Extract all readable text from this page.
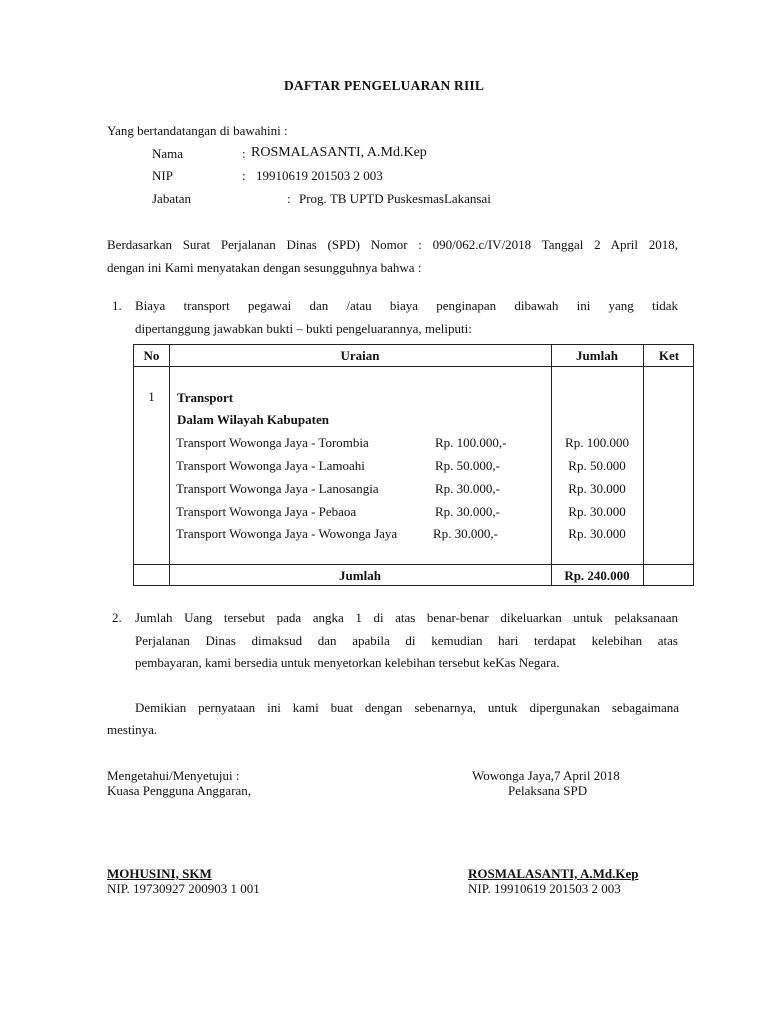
DAFTAR PENGELUARAN RIIL
Yang bertandatangan di bawahini :
Nama	: ROSMALASANTI, A.Md.Kep
NIP	: 19910619 201503 2 003
Jabatan	: Prog. TB UPTD PuskesmasLakansai
Berdasarkan Surat Perjalanan Dinas (SPD) Nomor : 090/062.c/IV/2018 Tanggal 2 April 2018,
dengan ini Kami menyatakan dengan sesungguhnya bahwa :
1. Biaya transport pegawai dan /atau biaya penginapan dibawah ini yang tidak
dipertanggung jawabkan bukti – bukti pengeluarannya, meliputi:
No	Uraian	Jumlah	Ket
1	Transport
Dalam Wilayah Kabupaten
Transport Wowonga Jaya - Torombia	Rp. 100.000,-	Rp. 100.000
Transport Wowonga Jaya - Lamoahi	Rp. 50.000,-	Rp. 50.000
Transport Wowonga Jaya - Lanosangia	Rp. 30.000,-	Rp. 30.000
Transport Wowonga Jaya - Pebaoa	Rp. 30.000,-	Rp. 30.000
Transport Wowonga Jaya - Wowonga Jaya	Rp. 30.000,-	Rp. 30.000
Jumlah	Rp. 240.000
2. Jumlah Uang tersebut pada angka 1 di atas benar-benar dikeluarkan untuk pelaksanaan
Perjalanan Dinas dimaksud dan apabila di kemudian hari terdapat kelebihan atas
pembayaran, kami bersedia untuk menyetorkan kelebihan tersebut keKas Negara.
Demikian pernyataan ini kami buat dengan sebenarnya, untuk dipergunakan sebagaimana
mestinya.
Mengetahui/Menyetujui :
Kuasa Pengguna Anggaran,
MOHUSINI, SKM
NIP. 19730927 200903 1 001
Wowonga Jaya,7 April 2018
Pelaksana SPD
ROSMALASANTI, A.Md.Kep
NIP. 19910619 201503 2 003
